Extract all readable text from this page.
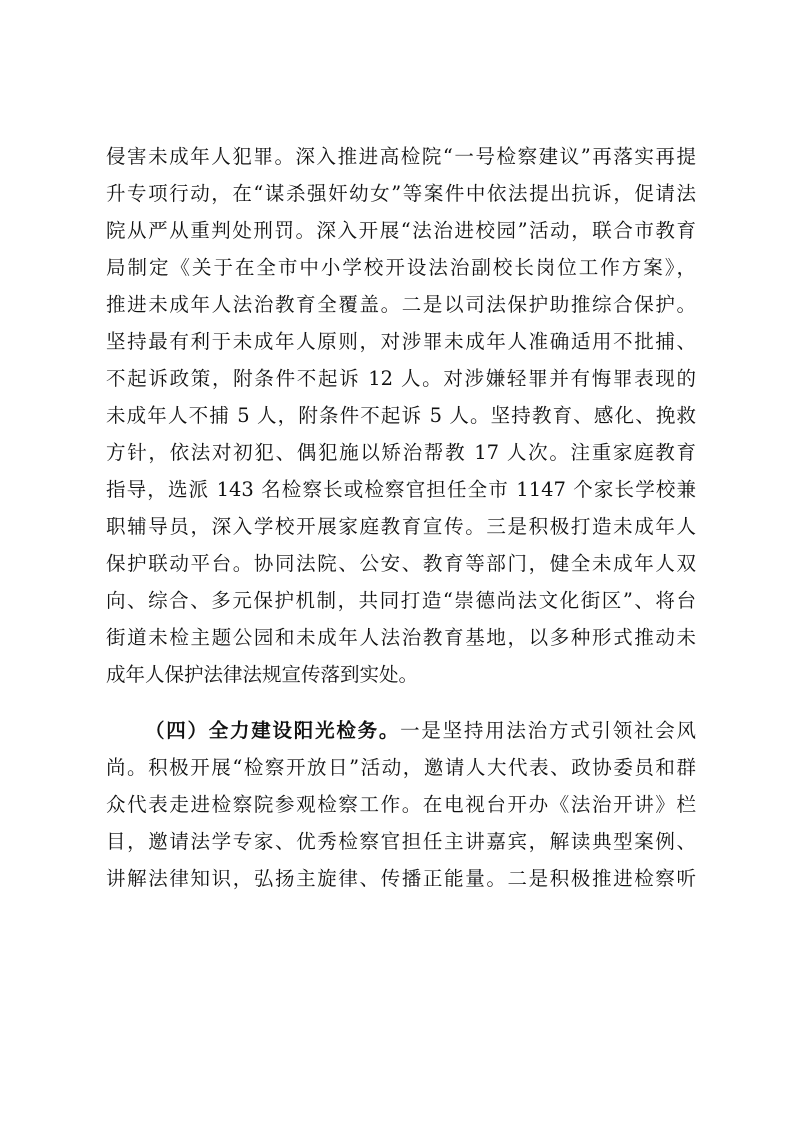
侵害未成年人犯罪。深入推进高检院“一号检察建议”再落实再提
升专项行动，在“谋杀强奸幼女”等案件中依法提出抗诉，促请法
院从严从重判处刑罚。深入开展“法治进校园”活动，联合市教育
局制定《关于在全市中小学校开设法治副校长岗位工作方案》，
推进未成年人法治教育全覆盖。二是以司法保护助推综合保护。
坚持最有利于未成年人原则，对涉罪未成年人准确适用不批捕、
不起诉政策，附条件不起诉 12 人。对涉嫌轻罪并有悔罪表现的
未成年人不捕 5 人，附条件不起诉 5 人。坚持教育、感化、挽救
方针，依法对初犯、偶犯施以矫治帮教 17 人次。注重家庭教育
指导，选派 143 名检察长或检察官担任全市 1147 个家长学校兼
职辅导员，深入学校开展家庭教育宣传。三是积极打造未成年人
保护联动平台。协同法院、公安、教育等部门，健全未成年人双
向、综合、多元保护机制，共同打造“崇德尚法文化街区”、将台
街道未检主题公园和未成年人法治教育基地，以多种形式推动未
成年人保护法律法规宣传落到实处。
（四）全力建设阳光检务。一是坚持用法治方式引领社会风
尚。积极开展“检察开放日”活动，邀请人大代表、政协委员和群
众代表走进检察院参观检察工作。在电视台开办《法治开讲》栏
目，邀请法学专家、优秀检察官担任主讲嘉宾，解读典型案例、
讲解法律知识，弘扬主旋律、传播正能量。二是积极推进检察听
